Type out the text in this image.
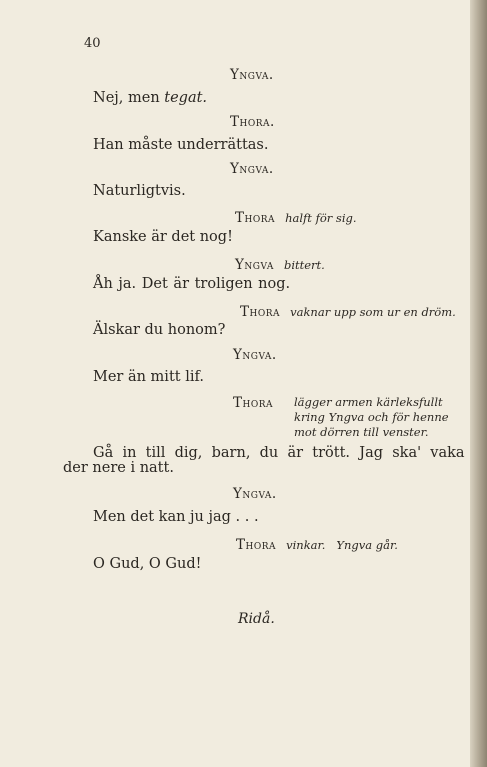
40
Yngva.
Nej, men tegat.
Thora.
Han måste underrättas.
Yngva.
Naturligtvis.
Thora halft för sig.
Kanske är det nog!
Yngva bittert.
Åh ja. Det är troligen nog.
Thora vaknar upp som ur en dröm.
Älskar du honom?
Yngva.
Mer än mitt lif.
Thora lägger armen kärleksfullt
kring Yngva och för henne
mot dörren till venster.
Gå  in  till  dig,  barn,  du  är  trött.  Jag  ska'  vaka
der nere i natt.
Yngva.
Men det kan ju jag . . .
Thora vinkar.   Yngva går.
O Gud, O Gud!
Ridå.
